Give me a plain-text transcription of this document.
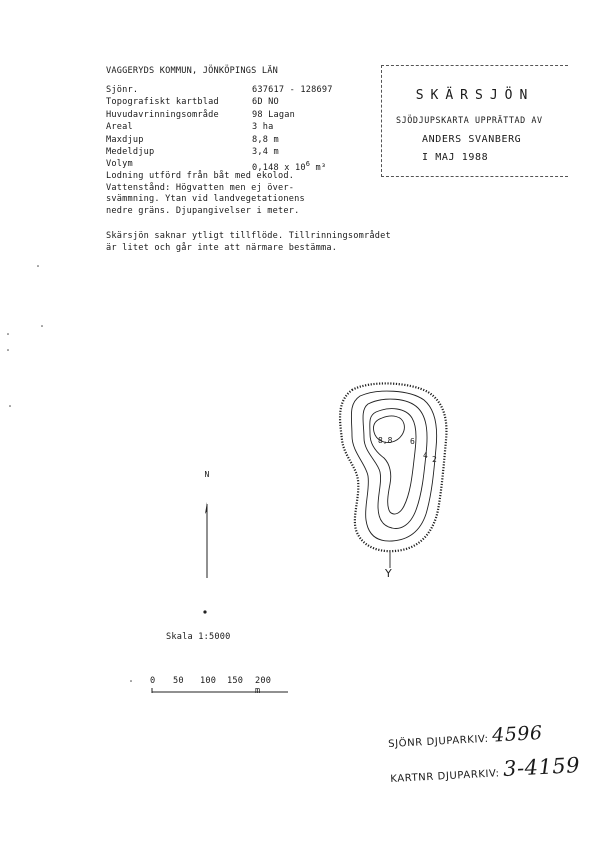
VAGGERYDS KOMMUN, JÖNKÖPINGS LÄN
Sjönr.	637617 - 128697
Topografiskt kartblad	6D NO
Huvudavrinningsområde	98 Lagan
Areal	3 ha
Maxdjup	8,8 m
Medeldjup	3,4 m
Volym	0,148 x $10^6$ m³
Lodning utförd från båt med ekolod.
Vattenstånd: Högvatten men ej över-
svämmning. Ytan vid landvegetationens
nedre gräns. Djupangivelser i meter.
Skärsjön saknar ytligt tillflöde. Tillrinningsområdet
är litet och går inte att närmare bestämma.
SKÄRSJÖN
SJÖDJUPSKARTA UPPRÄTTAD AV
ANDERS SVANBERG
I MAJ 1988
N
Skala 1:5000
0 50 100 150 200 m
8,8 6
4 2
Y
SJÖNR DJUPARKIV: 4596
KARTNR DJUPARKIV: 3-4159
